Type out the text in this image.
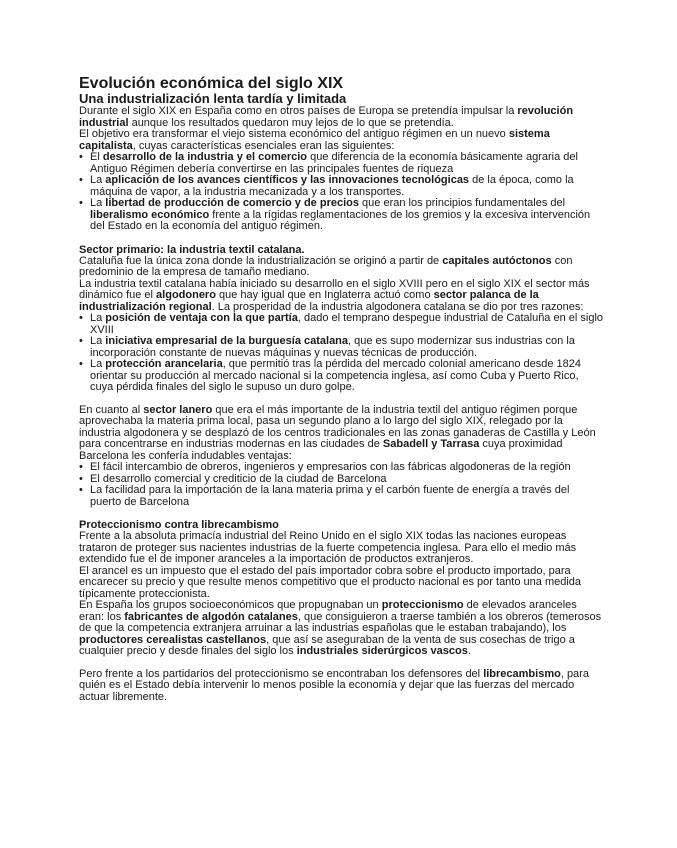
Evolución económica del siglo XIX
Una industrialización lenta tardía y limitada

Durante el siglo XIX en España como en otros países de Europa se pretendía impulsar la revolución industrial aunque los resultados quedaron muy lejos de lo que se pretendía.

El objetivo era transformar el viejo sistema económico del antiguo régimen en un nuevo sistema capitalista, cuyas características esenciales eran las siguientes:

• El desarrollo de la industria y el comercio que diferencia de la economía básicamente agraria del Antiguo Régimen debería convertirse en las principales fuentes de riqueza
• La aplicación de los avances científicos y las innovaciones tecnológicas de la época, como la máquina de vapor, a la industria mecanizada y a los transportes.
• La libertad de producción de comercio y de precios que eran los principios fundamentales del liberalismo económico frente a la rígidas reglamentaciones de los gremios y la excesiva intervención del Estado en la economía del antiguo régimen.
Sector primario: la industria textil catalana.

Cataluña fue la única zona donde la industrialización se originó a partir de capitales autóctonos con predominio de la empresa de tamaño mediano.

La industria textil catalana había iniciado su desarrollo en el siglo XVIII pero en el siglo XIX el sector más dinámico fue el algodonero que hay igual que en Inglaterra actuó como sector palanca de la industrialización regional. La prosperidad de la industria algodonera catalana se dio por tres razones:

• La posición de ventaja con la que partía, dado el temprano despegue industrial de Cataluña en el siglo XVIII
• La iniciativa empresarial de la burguesía catalana, que es supo modernizar sus industrias con la incorporación constante de nuevas máquinas y nuevas técnicas de producción.
• La protección arancelaria, que permitió tras la pérdida del mercado colonial americano desde 1824 orientar su producción al mercado nacional si la competencia inglesa, así como Cuba y Puerto Rico, cuya pérdida finales del siglo le supuso un duro golpe.

En cuanto al sector lanero que era el más importante de la industria textil del antiguo régimen porque aprovechaba la materia prima local, pasa un segundo plano a lo largo del siglo XIX, relegado por la industria algodonera y se desplazó de los centros tradicionales en las zonas ganaderas de Castilla y León para concentrarse en industrias modernas en las ciudades de Sabadell y Tarrasa cuya proximidad Barcelona les confería indudables ventajas:

• El fácil intercambio de obreros, ingenieros y empresarios con las fábricas algodoneras de la región
• El desarrollo comercial y crediticio de la ciudad de Barcelona
• La facilidad para la importación de la lana materia prima y el carbón fuente de energía a través del puerto de Barcelona
Proteccionismo contra librecambismo

Frente a la absoluta primacía industrial del Reino Unido en el siglo XIX todas las naciones europeas trataron de proteger sus nacientes industrias de la fuerte competencia inglesa. Para ello el medio más extendido fue el de imponer aranceles a la importación de productos extranjeros.

El arancel es un impuesto que el estado del país importador cobra sobre el producto importado, para encarecer su precio y que resulte menos competitivo que el producto nacional es por tanto una medida típicamente proteccionista.

En España los grupos socioeconómicos que propugnaban un proteccionismo de elevados aranceles eran: los fabricantes de algodón catalanes, que consiguieron a traerse también a los obreros (temerosos de que la competencia extranjera arruinar a las industrias españolas que le estaban trabajando), los productores cerealistas castellanos, que así se aseguraban de la venta de sus cosechas de trigo a cualquier precio y desde finales del siglo los industriales siderúrgicos vascos.

Pero frente a los partidarios del proteccionismo se encontraban los defensores del librecambismo, para quién es el Estado debía intervenir lo menos posible la economía y dejar que las fuerzas del mercado actuar libremente.
